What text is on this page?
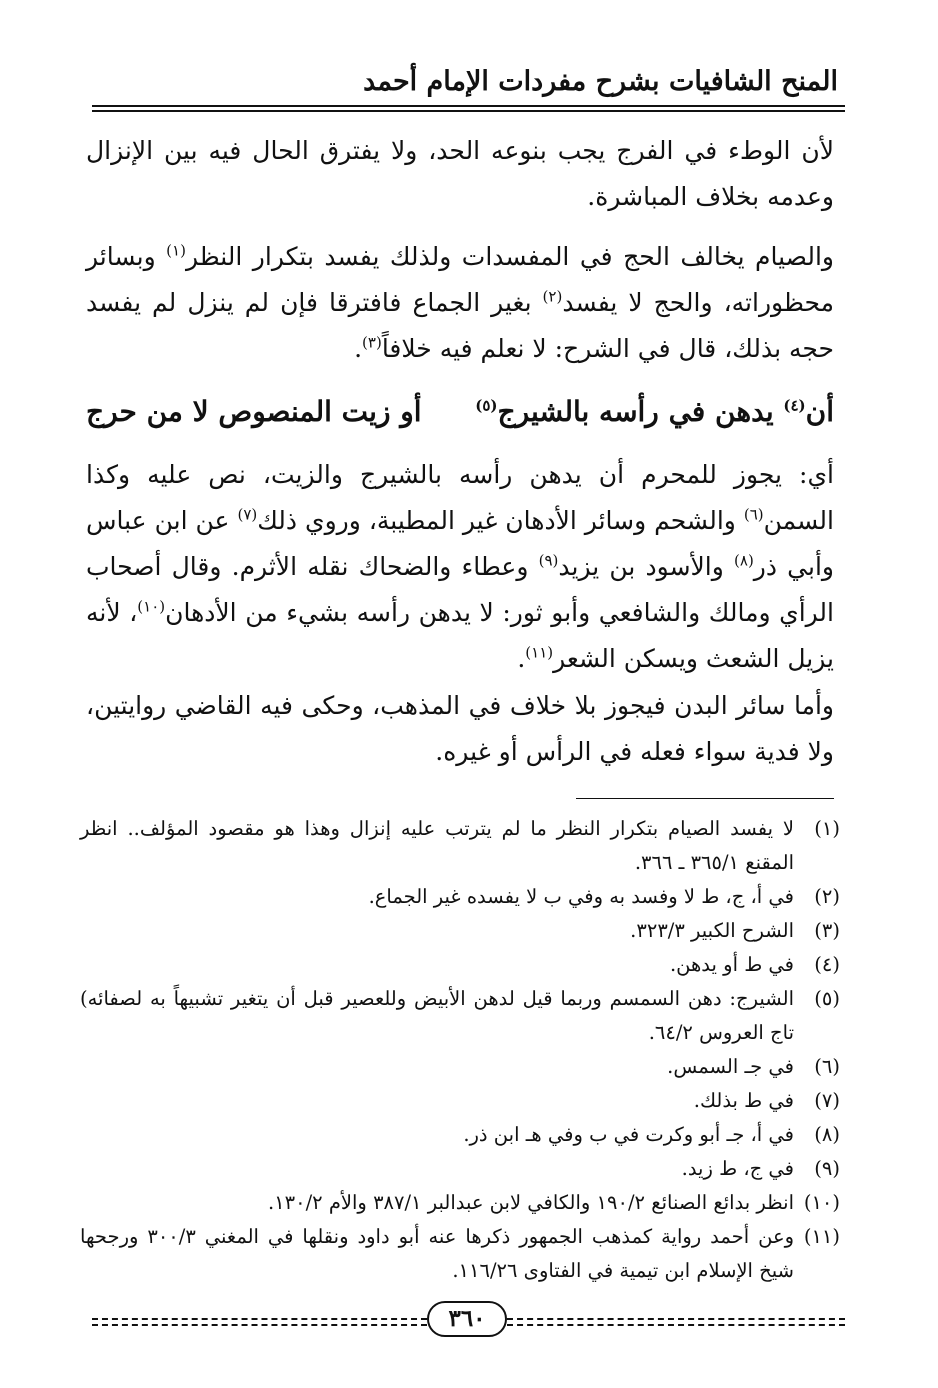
المنح الشافيات بشرح مفردات الإمام أحمد
لأن الوطء في الفرج يجب بنوعه الحد، ولا يفترق الحال فيه بين الإنزال وعدمه بخلاف المباشرة.
والصيام يخالف الحج في المفسدات ولذلك يفسد بتكرار النظر$^{(١)}$ وبسائر محظوراته، والحج لا يفسد$^{(٢)}$ بغير الجماع فافترقا فإن لم ينزل لم يفسد حجه بذلك، قال في الشرح: لا نعلم فيه خلافاً$^{(٣)}$.
أن$^{(٤)}$ يدهن في رأسه بالشيرج$^{(٥)}$
أو زيت المنصوص لا من حرج
أي: يجوز للمحرم أن يدهن رأسه بالشيرج والزيت، نص عليه وكذا السمن$^{(٦)}$ والشحم وسائر الأدهان غير المطيبة، وروي ذلك$^{(٧)}$ عن ابن عباس وأبي ذر$^{(٨)}$ والأسود بن يزيد$^{(٩)}$ وعطاء والضحاك نقله الأثرم. وقال أصحاب الرأي ومالك والشافعي وأبو ثور: لا يدهن رأسه بشيء من الأدهان$^{(١٠)}$، لأنه يزيل الشعث ويسكن الشعر$^{(١١)}$.
وأما سائر البدن فيجوز بلا خلاف في المذهب، وحكى فيه القاضي روايتين، ولا فدية سواء فعله في الرأس أو غيره.
(١)
لا يفسد الصيام بتكرار النظر ما لم يترتب عليه إنزال وهذا هو مقصود المؤلف.. انظر المقنع ٣٦٥/١ ـ ٣٦٦.
(٢)
في أ، ج، ط لا وفسد به وفي ب لا يفسده غير الجماع.
(٣)
الشرح الكبير ٣٢٣/٣.
(٤)
في ط أو يدهن.
(٥)
الشيرج: دهن السمسم وربما قيل لدهن الأبيض وللعصير قبل أن يتغير تشبيهاً به لصفائه) تاج العروس ٦٤/٢.
(٦)
في جـ السمس.
(٧)
في ط بذلك.
(٨)
في أ، جـ أبو وكرت في ب وفي هـ ابن ذر.
(٩)
في ج، ط زيد.
(١٠)
انظر بدائع الصنائع ١٩٠/٢ والكافي لابن عبدالبر ٣٨٧/١ والأم ١٣٠/٢.
(١١)
وعن أحمد رواية كمذهب الجمهور ذكرها عنه أبو داود ونقلها في المغني ٣٠٠/٣ ورجحها شيخ الإسلام ابن تيمية في الفتاوى ١١٦/٢٦.
٣٦٠
